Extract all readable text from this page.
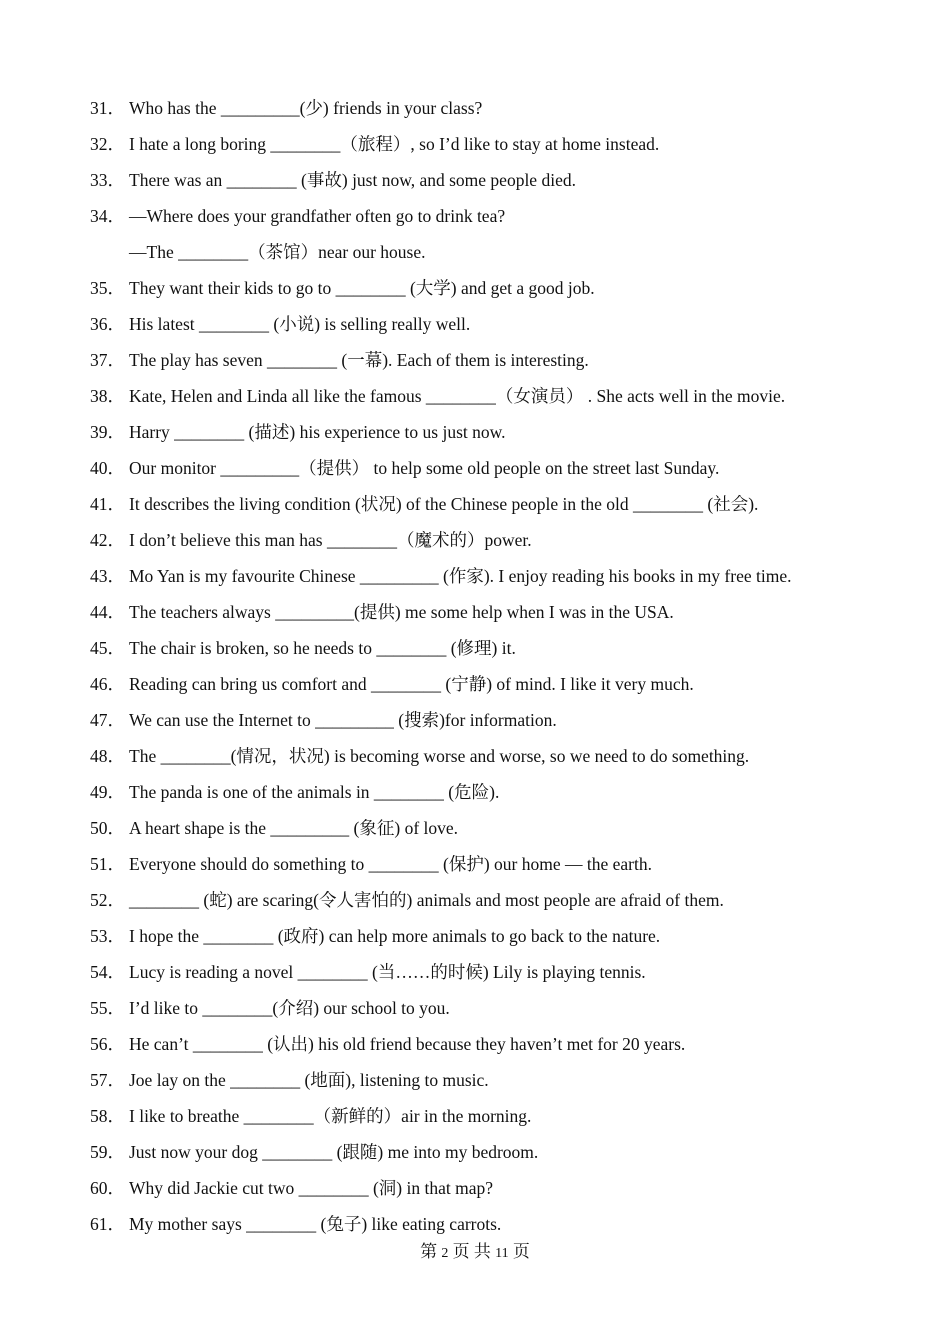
31． Who has the _________(少) friends in your class?
32． I hate a long boring ________（旅程）, so I’d like to stay at home instead.
33． There was an ________ (事故) just now, and some people died.
34． —Where does your grandfather often go to drink tea?
—The ________（茶馆）near our house.
35． They want their kids to go to ________ (大学) and get a good job.
36． His latest ________ (小说) is selling really well.
37． The play has seven ________ (一幕). Each of them is interesting.
38． Kate, Helen and Linda all like the famous ________（女演员） . She acts well in the movie.
39． Harry ________ (描述) his experience to us just now.
40． Our monitor _________（提供） to help some old people on the street last Sunday.
41． It describes the living condition (状况) of the Chinese people in the old ________ (社会).
42． I don’t believe this man has ________（魔术的）power.
43． Mo Yan is my favourite Chinese _________ (作家). I enjoy reading his books in my free time.
44． The teachers always _________(提供) me some help when I was in the USA.
45． The chair is broken, so he needs to ________ (修理) it.
46． Reading can bring us comfort and ________ (宁静) of mind. I like it very much.
47． We can use the Internet to _________ (搜索)for information.
48． The ________(情况，状况) is becoming worse and worse, so we need to do something.
49． The panda is one of the animals in ________ (危险).
50． A heart shape is the _________ (象征) of love.
51． Everyone should do something to ________ (保护) our home — the earth.
52． ________ (蛇) are scaring(令人害怕的) animals and most people are afraid of them.
53． I hope the ________ (政府) can help more animals to go back to the nature.
54． Lucy is reading a novel ________ (当……的时候) Lily is playing tennis.
55． I’d like to ________(介绍) our school to you.
56． He can’t ________ (认出) his old friend because they haven’t met for 20 years.
57． Joe lay on the ________ (地面), listening to music.
58． I like to breathe ________（新鲜的）air in the morning.
59． Just now your dog ________ (跟随) me into my bedroom.
60． Why did Jackie cut two ________ (洞) in that map?
61． My mother says ________ (兔子) like eating carrots.
第 2 页 共 11 页
